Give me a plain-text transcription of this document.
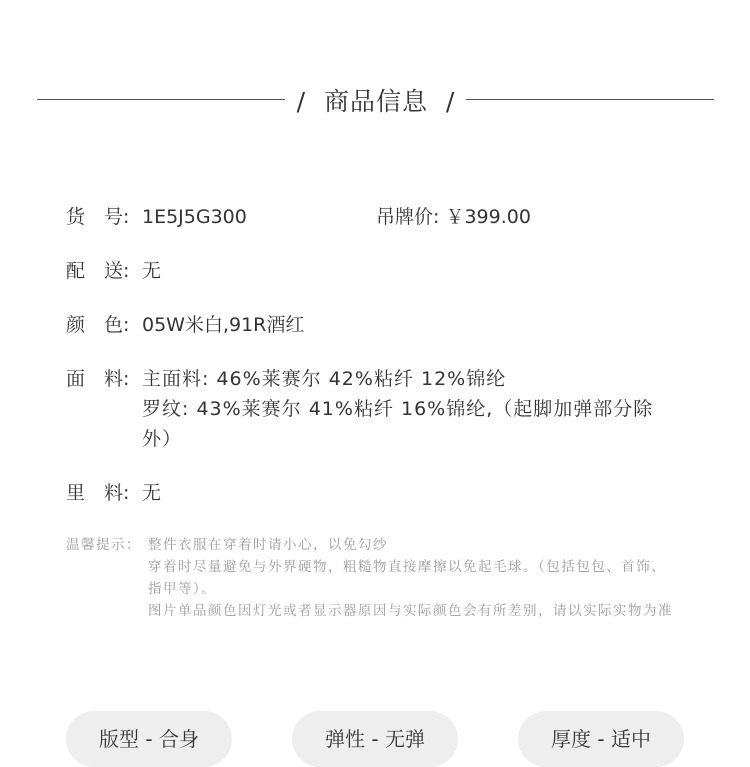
/ 商品信息 /
货　号: 1E5J5G300	吊牌价: ￥399.00
配　送: 无
颜　色: 05W米白,91R酒红
面　料: 主面料: 46%莱赛尔 42%粘纤 12%锦纶
罗纹: 43%莱赛尔 41%粘纤 16%锦纶,（起脚加弹部分除外）
里　料: 无
温馨提示： 整件衣服在穿着时请小心，以免勾纱
穿着时尽量避免与外界硬物，粗糙物直接摩擦以免起毛球。（包括包包、首饰、指甲等）。
图片单品颜色因灯光或者显示器原因与实际颜色会有所差别，请以实际实物为准
版型 - 合身	弹性 - 无弹	厚度 - 适中
